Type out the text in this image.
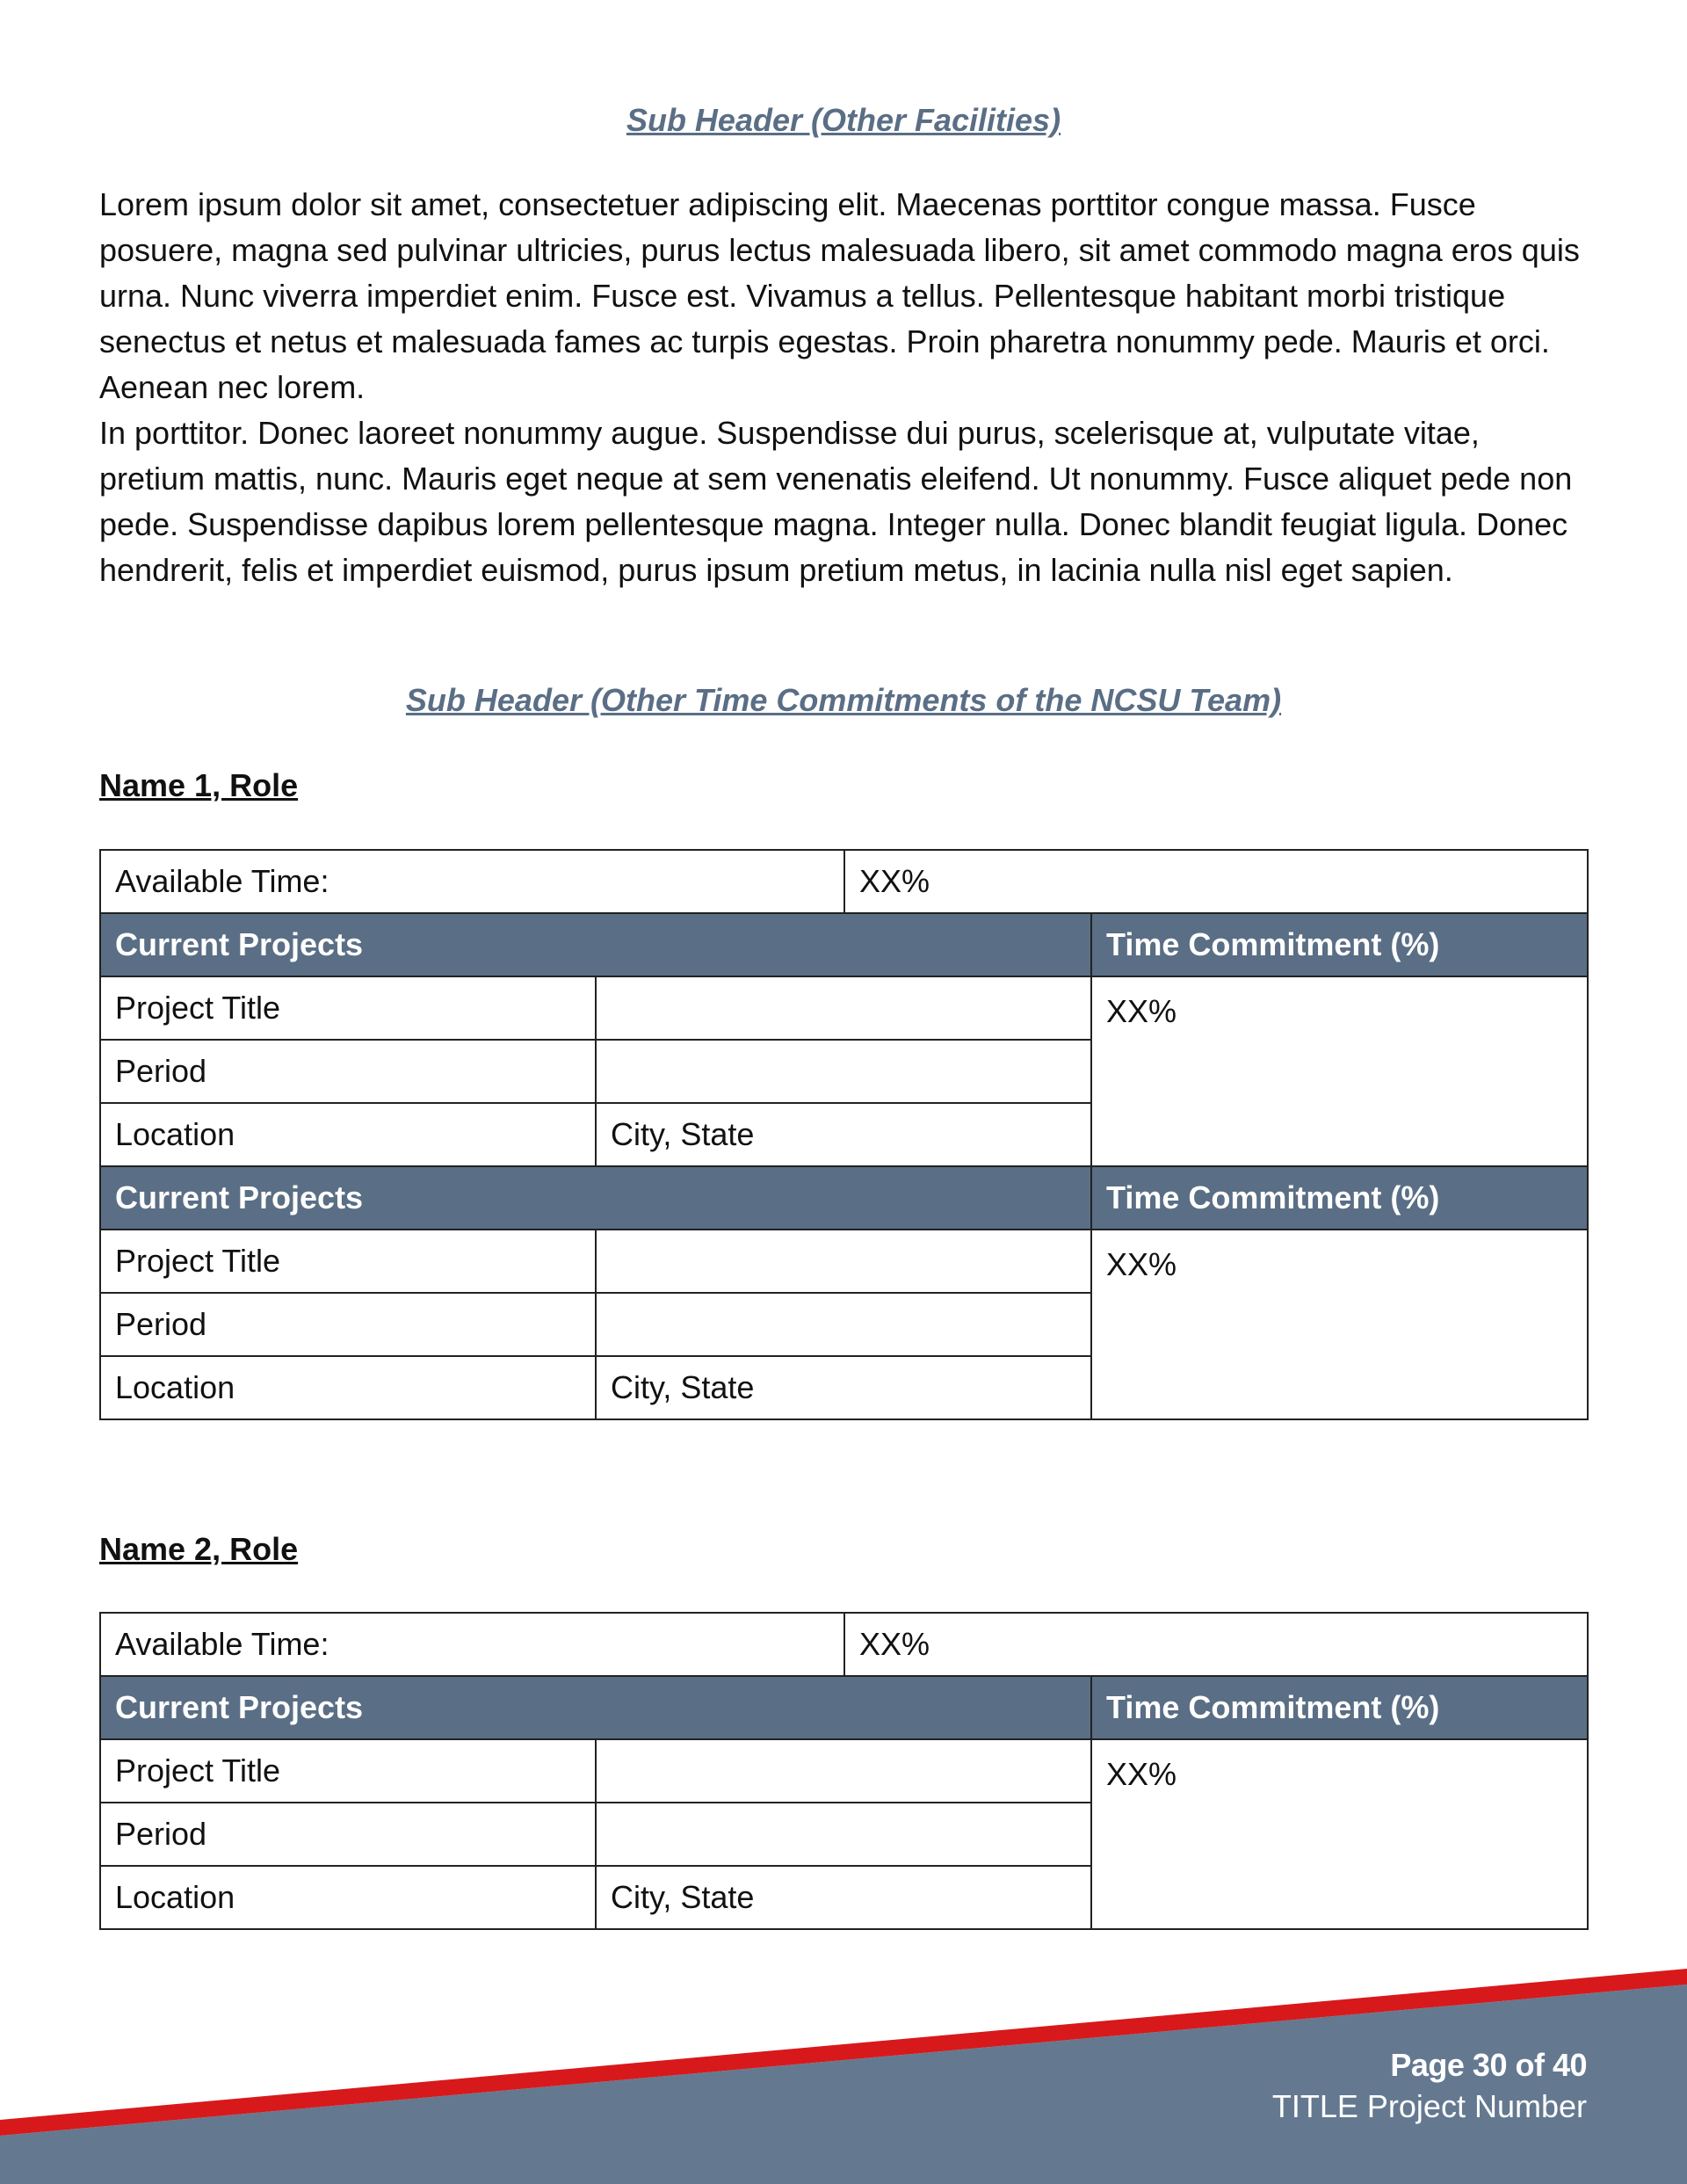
Sub Header (Other Facilities)

Lorem ipsum dolor sit amet, consectetuer adipiscing elit. Maecenas porttitor congue massa. Fusce posuere, magna sed pulvinar ultricies, purus lectus malesuada libero, sit amet commodo magna eros quis urna. Nunc viverra imperdiet enim. Fusce est. Vivamus a tellus. Pellentesque habitant morbi tristique senectus et netus et malesuada fames ac turpis egestas. Proin pharetra nonummy pede. Mauris et orci. Aenean nec lorem.

In porttitor. Donec laoreet nonummy augue. Suspendisse dui purus, scelerisque at, vulputate vitae, pretium mattis, nunc. Mauris eget neque at sem venenatis eleifend. Ut nonummy. Fusce aliquet pede non pede. Suspendisse dapibus lorem pellentesque magna. Integer nulla. Donec blandit feugiat ligula. Donec hendrerit, felis et imperdiet euismod, purus ipsum pretium metus, in lacinia nulla nisl eget sapien.

Sub Header (Other Time Commitments of the NCSU Team)
Name 1, Role
Available Time:	XX%
Current Projects		Time Commitment (%)
Project Title		XX%
Period		
Location	City, State	
Current Projects		Time Commitment (%)
Project Title		XX%
Period		
Location	City, State	
Name 2, Role
Available Time:	XX%
Current Projects		Time Commitment (%)
Project Title		XX%
Period		
Location	City, State	
Page 30 of 40
TITLE Project Number
